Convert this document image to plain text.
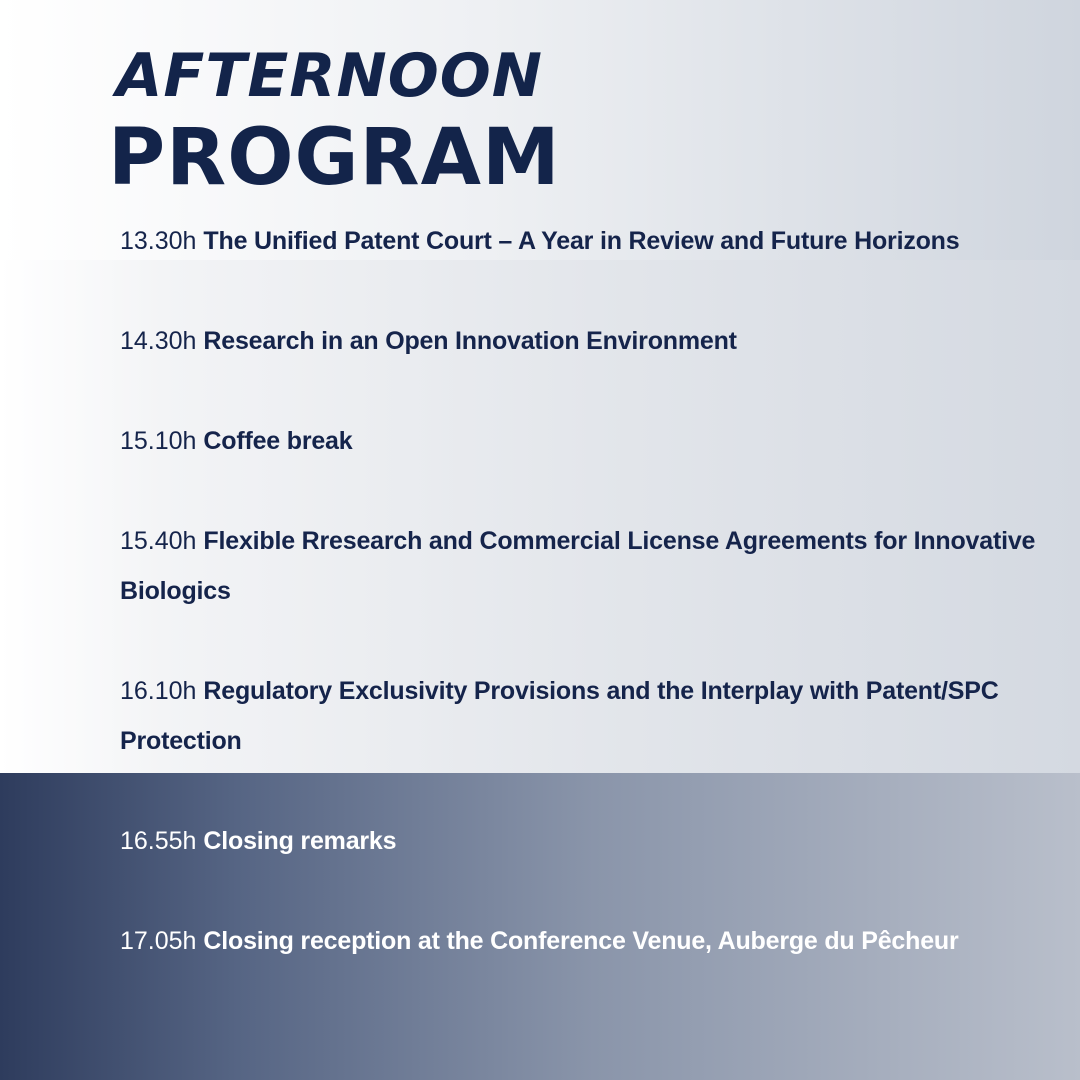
AFTERNOON
PROGRAM
13.30h The Unified Patent Court – A Year in Review and Future Horizons
14.30h Research in an Open Innovation Environment
15.10h Coffee break
15.40h Flexible Rresearch and Commercial License Agreements for Innovative Biologics
16.10h Regulatory Exclusivity Provisions and the Interplay with Patent/SPC Protection
16.55h Closing remarks
17.05h Closing reception at the Conference Venue, Auberge du Pêcheur
